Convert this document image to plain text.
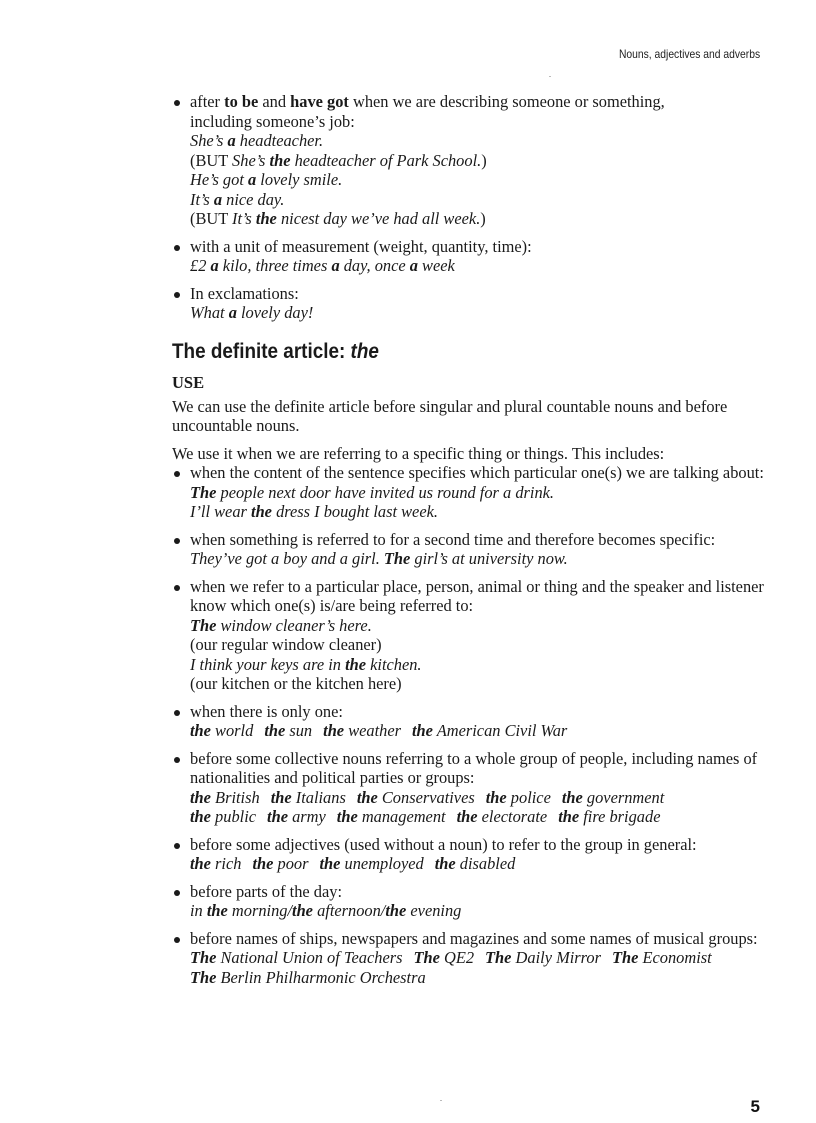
Nouns, adjectives and adverbs
after to be and have got when we are describing someone or something,
including someone’s job:
She’s a headteacher.
(BUT She’s the headteacher of Park School.)
He’s got a lovely smile.
It’s a nice day.
(BUT It’s the nicest day we’ve had all week.)
with a unit of measurement (weight, quantity, time):
£2 a kilo, three times a day, once a week
In exclamations:
What a lovely day!
The definite article: the
USE

We can use the definite article before singular and plural countable nouns and before uncountable nouns.

We use it when we are referring to a specific thing or things. This includes:

when the content of the sentence specifies which particular one(s) we are talking about:
The people next door have invited us round for a drink.
I’ll wear the dress I bought last week.
when something is referred to for a second time and therefore becomes specific:
They’ve got a boy and a girl. The girl’s at university now.
when we refer to a particular place, person, animal or thing and the speaker and listener know which one(s) is/are being referred to:
The window cleaner’s here.
(our regular window cleaner)
I think your keys are in the kitchen.
(our kitchen or the kitchen here)
when there is only one:
the world the sun the weather the American Civil War
before some collective nouns referring to a whole group of people, including names of nationalities and political parties or groups:
the British the Italians the Conservatives the police the government
the public the army the management the electorate the fire brigade
before some adjectives (used without a noun) to refer to the group in general:
the rich the poor the unemployed the disabled
before parts of the day:
in the morning/the afternoon/the evening
before names of ships, newspapers and magazines and some names of musical groups:
The National Union of Teachers The QE2 The Daily Mirror The Economist
The Berlin Philharmonic Orchestra
5
